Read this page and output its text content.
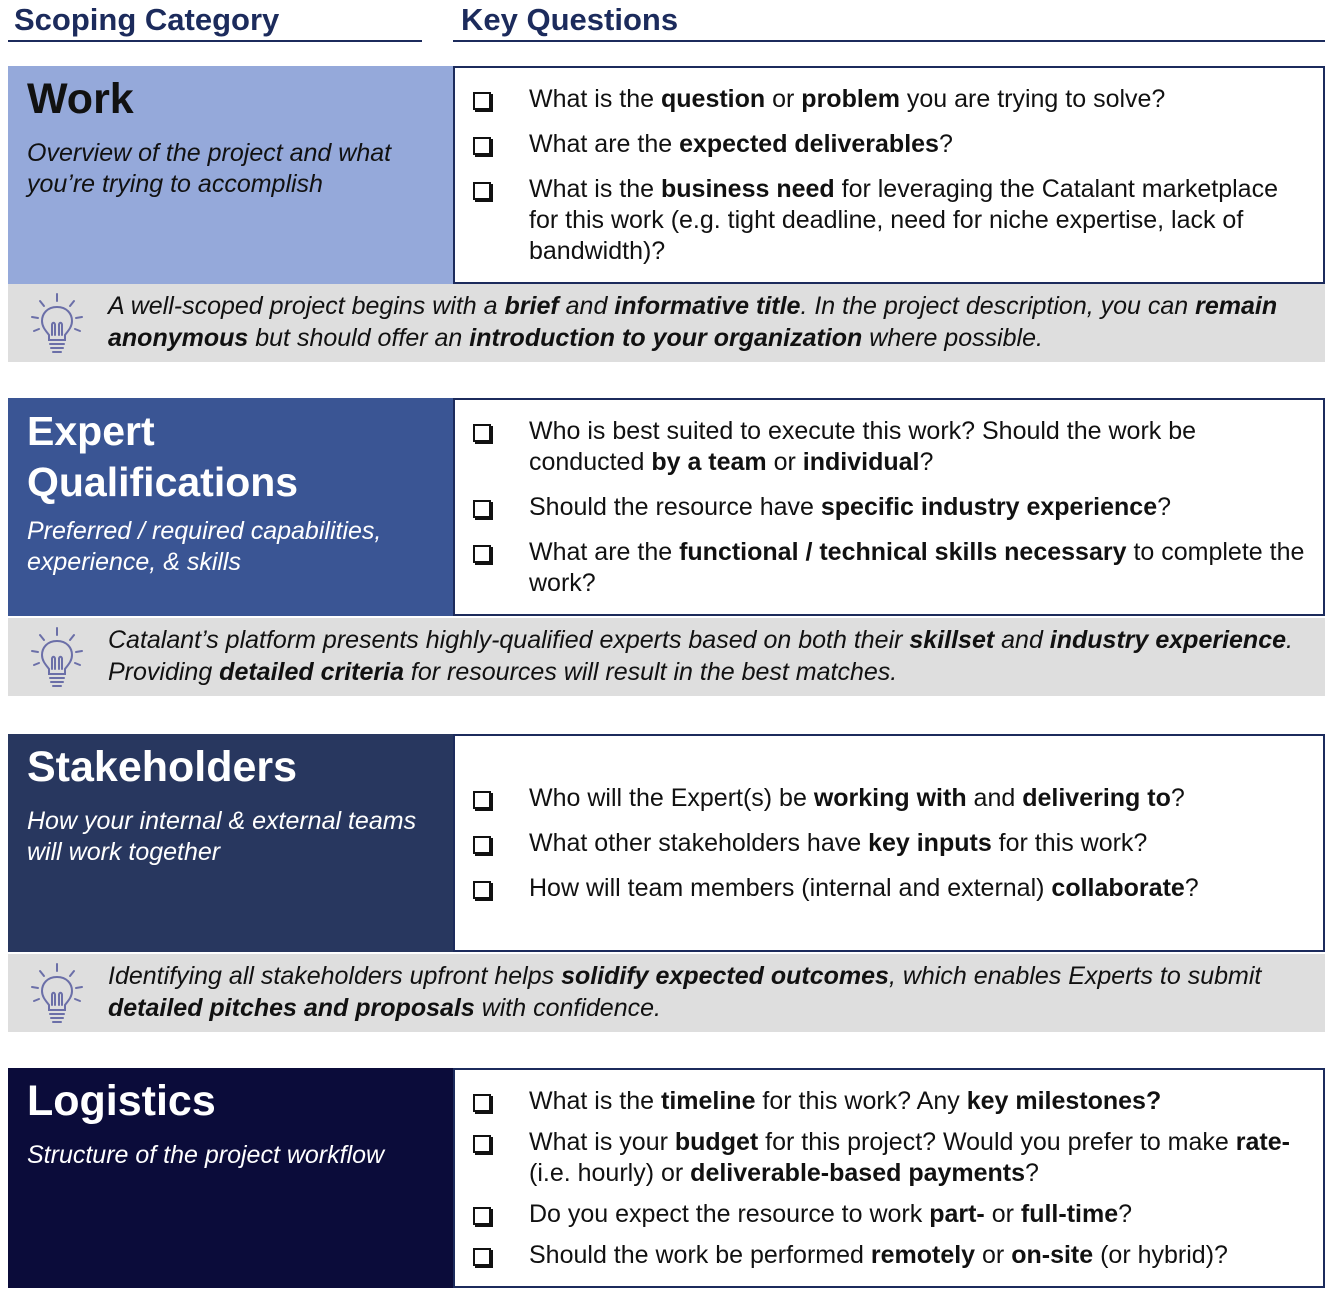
Scoping Category	Key Questions
Work
Overview of the project and what you’re trying to accomplish
What is the question or problem you are trying to solve?
What are the expected deliverables?
What is the business need for leveraging the Catalant marketplace for this work (e.g. tight deadline, need for niche expertise, lack of bandwidth)?
A well-scoped project begins with a brief and informative title. In the project description, you can remain anonymous but should offer an introduction to your organization where possible.
Expert Qualifications
Preferred / required capabilities, experience, & skills
Who is best suited to execute this work? Should the work be conducted by a team or individual?
Should the resource have specific industry experience?
What are the functional / technical skills necessary to complete the work?
Catalant’s platform presents highly-qualified experts based on both their skillset and industry experience. Providing detailed criteria for resources will result in the best matches.
Stakeholders
How your internal & external teams will work together
Who will the Expert(s) be working with and delivering to?
What other stakeholders have key inputs for this work?
How will team members (internal and external) collaborate?
Identifying all stakeholders upfront helps solidify expected outcomes, which enables Experts to submit detailed pitches and proposals with confidence.
Logistics
Structure of the project workflow
What is the timeline for this work? Any key milestones?
What is your budget for this project? Would you prefer to make rate- (i.e. hourly) or deliverable-based payments?
Do you expect the resource to work part- or full-time?
Should the work be performed remotely or on-site (or hybrid)?
